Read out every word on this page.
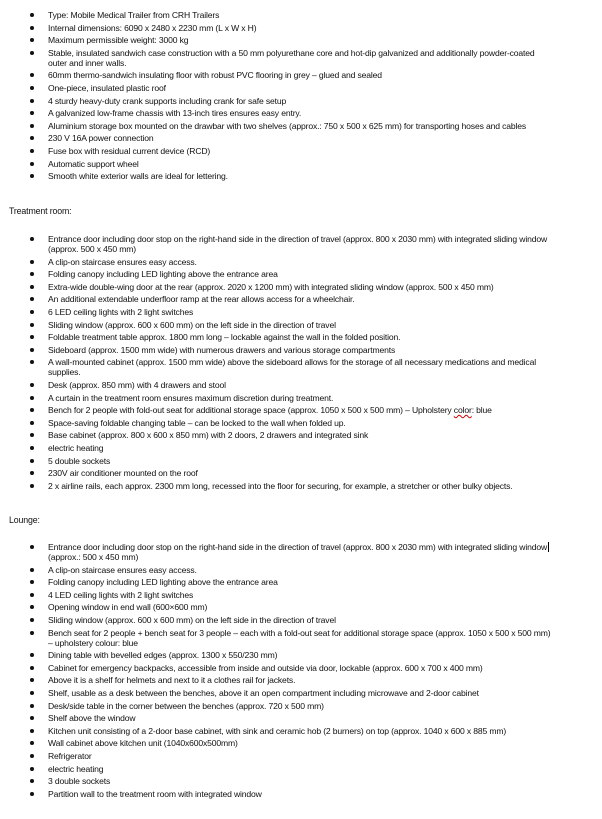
Type: Mobile Medical Trailer from CRH Trailers
Internal dimensions: 6090 x 2480 x 2230 mm (L x W x H)
Maximum permissible weight: 3000 kg
Stable, insulated sandwich case construction with a 50 mm polyurethane core and hot-dip galvanized and additionally powder-coated outer and inner walls.
60mm thermo-sandwich insulating floor with robust PVC flooring in grey – glued and sealed
One-piece, insulated plastic roof
4 sturdy heavy-duty crank supports including crank for safe setup
A galvanized low-frame chassis with 13-inch tires ensures easy entry.
Aluminium storage box mounted on the drawbar with two shelves (approx.: 750 x 500 x 625 mm) for transporting hoses and cables
230 V 16A power connection
Fuse box with residual current device (RCD)
Automatic support wheel
Smooth white exterior walls are ideal for lettering.
Treatment room:
Entrance door including door stop on the right-hand side in the direction of travel (approx. 800 x 2030 mm) with integrated sliding window (approx. 500 x 450 mm)
A clip-on staircase ensures easy access.
Folding canopy including LED lighting above the entrance area
Extra-wide double-wing door at the rear (approx. 2020 x 1200 mm) with integrated sliding window (approx. 500 x 450 mm)
An additional extendable underfloor ramp at the rear allows access for a wheelchair.
6 LED ceiling lights with 2 light switches
Sliding window (approx. 600 x 600 mm) on the left side in the direction of travel
Foldable treatment table approx. 1800 mm long – lockable against the wall in the folded position.
Sideboard (approx. 1500 mm wide) with numerous drawers and various storage compartments
A wall-mounted cabinet (approx. 1500 mm wide) above the sideboard allows for the storage of all necessary medications and medical supplies.
Desk (approx. 850 mm) with 4 drawers and stool
A curtain in the treatment room ensures maximum discretion during treatment.
Bench for 2 people with fold-out seat for additional storage space (approx. 1050 x 500 x 500 mm) – Upholstery color: blue
Space-saving foldable changing table – can be locked to the wall when folded up.
Base cabinet (approx. 800 x 600 x 850 mm) with 2 doors, 2 drawers and integrated sink
electric heating
5 double sockets
230V air conditioner mounted on the roof
2 x airline rails, each approx. 2300 mm long, recessed into the floor for securing, for example, a stretcher or other bulky objects.
Lounge:
Entrance door including door stop on the right-hand side in the direction of travel (approx. 800 x 2030 mm) with integrated sliding window
(approx.: 500 x 450 mm)
A clip-on staircase ensures easy access.
Folding canopy including LED lighting above the entrance area
4 LED ceiling lights with 2 light switches
Opening window in end wall (600×600 mm)
Sliding window (approx. 600 x 600 mm) on the left side in the direction of travel
Bench seat for 2 people + bench seat for 3 people – each with a fold-out seat for additional storage space (approx. 1050 x 500 x 500 mm) – upholstery colour: blue
Dining table with bevelled edges (approx. 1300 x 550/230 mm)
Cabinet for emergency backpacks, accessible from inside and outside via door, lockable (approx. 600 x 700 x 400 mm)
Above it is a shelf for helmets and next to it a clothes rail for jackets.
Shelf, usable as a desk between the benches, above it an open compartment including microwave and 2-door cabinet
Desk/side table in the corner between the benches (approx. 720 x 500 mm)
Shelf above the window
Kitchen unit consisting of a 2-door base cabinet, with sink and ceramic hob (2 burners) on top (approx. 1040 x 600 x 885 mm)
Wall cabinet above kitchen unit (1040x600x500mm)
Refrigerator
electric heating
3 double sockets
Partition wall to the treatment room with integrated window
